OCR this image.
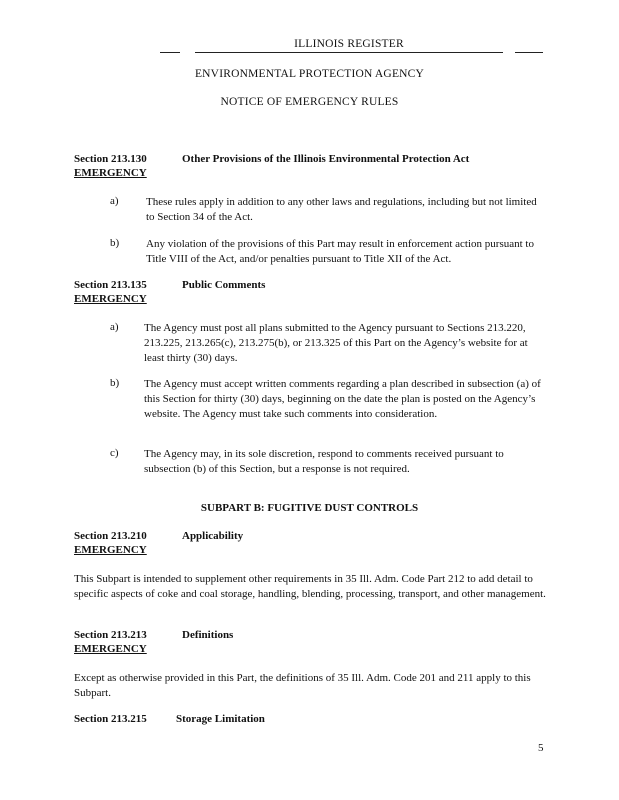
ILLINOIS REGISTER
ENVIRONMENTAL PROTECTION AGENCY
NOTICE OF EMERGENCY RULES
Section 213.130	Other Provisions of the Illinois Environmental Protection Act
EMERGENCY
a) These rules apply in addition to any other laws and regulations, including but not limited to Section 34 of the Act.
b) Any violation of the provisions of this Part may result in enforcement action pursuant to Title VIII of the Act, and/or penalties pursuant to Title XII of the Act.
Section 213.135	Public Comments
EMERGENCY
a) The Agency must post all plans submitted to the Agency pursuant to Sections 213.220, 213.225, 213.265(c), 213.275(b), or 213.325 of this Part on the Agency’s website for at least thirty (30) days.
b) The Agency must accept written comments regarding a plan described in subsection (a) of this Section for thirty (30) days, beginning on the date the plan is posted on the Agency’s website. The Agency must take such comments into consideration.
c) The Agency may, in its sole discretion, respond to comments received pursuant to subsection (b) of this Section, but a response is not required.
SUBPART B: FUGITIVE DUST CONTROLS
Section 213.210	Applicability
EMERGENCY
This Subpart is intended to supplement other requirements in 35 Ill. Adm. Code Part 212 to add detail to specific aspects of coke and coal storage, handling, blending, processing, transport, and other management.
Section 213.213	Definitions
EMERGENCY
Except as otherwise provided in this Part, the definitions of 35 Ill. Adm. Code 201 and 211 apply to this Subpart.
Section 213.215	Storage Limitation
5
